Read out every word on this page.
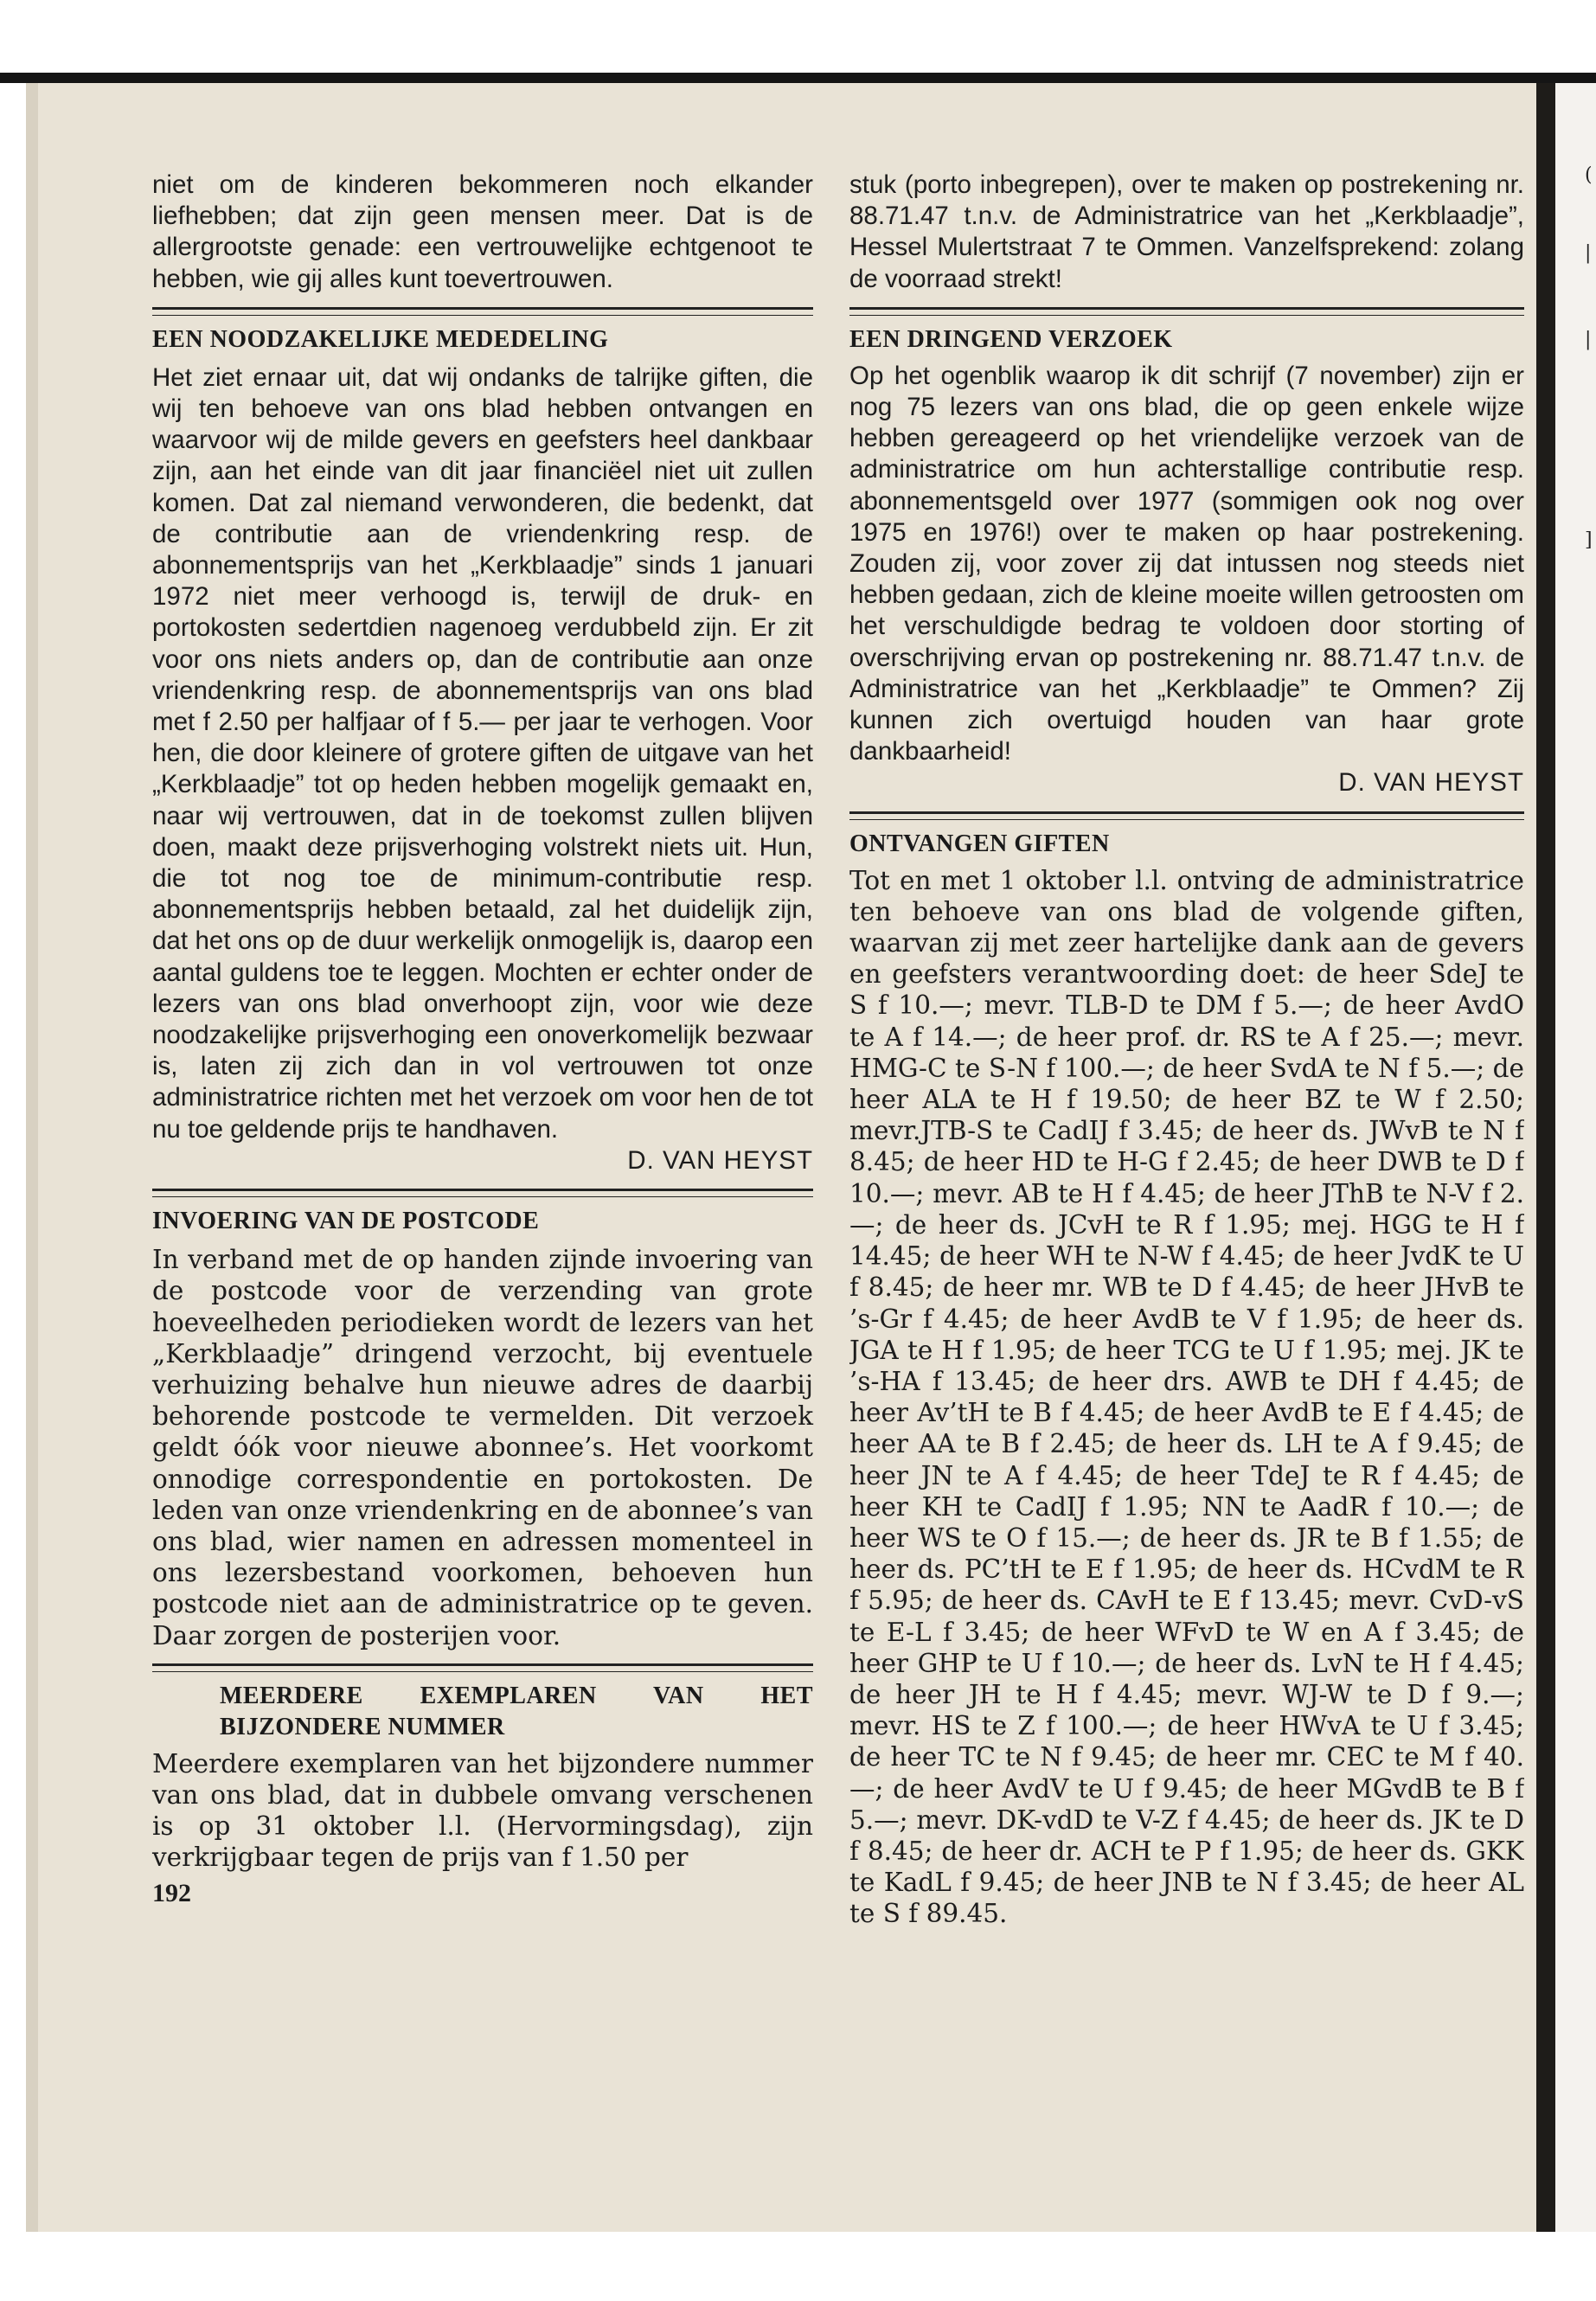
(
|
|
]

niet om de kinderen bekommeren noch elkander liefhebben; dat zijn geen mensen meer. Dat is de allergrootste genade: een vertrouwelijke echtgenoot te hebben, wie gij alles kunt toevertrouwen.

EEN NOODZAKELIJKE MEDEDELING

Het ziet ernaar uit, dat wij ondanks de talrijke giften, die wij ten behoeve van ons blad hebben ontvangen en waarvoor wij de milde gevers en geefsters heel dankbaar zijn, aan het einde van dit jaar financiëel niet uit zullen komen. Dat zal niemand verwonderen, die bedenkt, dat de contributie aan de vriendenkring resp. de abonnementsprijs van het „Kerkblaadje” sinds 1 januari 1972 niet meer verhoogd is, terwijl de druk- en portokosten sedertdien nagenoeg verdubbeld zijn. Er zit voor ons niets anders op, dan de contributie aan onze vriendenkring resp. de abonnementsprijs van ons blad met f 2.50 per halfjaar of f 5.— per jaar te verhogen. Voor hen, die door kleinere of grotere giften de uitgave van het „Kerkblaadje” tot op heden hebben mogelijk gemaakt en, naar wij vertrouwen, dat in de toekomst zullen blijven doen, maakt deze prijsverhoging volstrekt niets uit. Hun, die tot nog toe de minimum-contributie resp. abonnementsprijs hebben betaald, zal het duidelijk zijn, dat het ons op de duur werkelijk onmogelijk is, daarop een aantal guldens toe te leggen. Mochten er echter onder de lezers van ons blad onverhoopt zijn, voor wie deze noodzakelijke prijsverhoging een onoverkomelijk bezwaar is, laten zij zich dan in vol vertrouwen tot onze administratrice richten met het verzoek om voor hen de tot nu toe geldende prijs te handhaven.

D. VAN HEYST

INVOERING VAN DE POSTCODE

In verband met de op handen zijnde invoering van de postcode voor de verzending van grote hoeveelheden periodieken wordt de lezers van het „Kerkblaadje” dringend verzocht, bij eventuele verhuizing behalve hun nieuwe adres de daarbij behorende postcode te vermelden. Dit verzoek geldt óók voor nieuwe abonnee’s. Het voorkomt onnodige correspondentie en portokosten. De leden van onze vriendenkring en de abonnee’s van ons blad, wier namen en adressen momenteel in ons lezersbestand voorkomen, behoeven hun postcode niet aan de administratrice op te geven. Daar zorgen de posterijen voor.

MEERDERE EXEMPLAREN VAN HET BIJZONDERE NUMMER

Meerdere exemplaren van het bijzondere nummer van ons blad, dat in dubbele omvang verschenen is op 31 oktober l.l. (Hervormingsdag), zijn verkrijgbaar tegen de prijs van f 1.50 per

192

stuk (porto inbegrepen), over te maken op postrekening nr. 88.71.47 t.n.v. de Administratrice van het „Kerkblaadje”, Hessel Mulertstraat 7 te Ommen. Vanzelfsprekend: zolang de voorraad strekt!

EEN DRINGEND VERZOEK

Op het ogenblik waarop ik dit schrijf (7 november) zijn er nog 75 lezers van ons blad, die op geen enkele wijze hebben gereageerd op het vriendelijke verzoek van de administratrice om hun achterstallige contributie resp. abonnementsgeld over 1977 (sommigen ook nog over 1975 en 1976!) over te maken op haar postrekening. Zouden zij, voor zover zij dat intussen nog steeds niet hebben gedaan, zich de kleine moeite willen getroosten om het verschuldigde bedrag te voldoen door storting of overschrijving ervan op postrekening nr. 88.71.47 t.n.v. de Administratrice van het „Kerkblaadje” te Ommen? Zij kunnen zich overtuigd houden van haar grote dankbaarheid!

D. VAN HEYST

ONTVANGEN GIFTEN

Tot en met 1 oktober l.l. ontving de administratrice ten behoeve van ons blad de volgende giften, waarvan zij met zeer hartelijke dank aan de gevers en geefsters verantwoording doet: de heer SdeJ te S f 10.—; mevr. TLB-D te DM f 5.—; de heer AvdO te A f 14.—; de heer prof. dr. RS te A f 25.—; mevr. HMG-C te S-N f 100.—; de heer SvdA te N f 5.—; de heer ALA te H f 19.50; de heer BZ te W f 2.50; mevr.JTB-S te CadIJ f 3.45; de heer ds. JWvB te N f 8.45; de heer HD te H-G f 2.45; de heer DWB te D f 10.—; mevr. AB te H f 4.45; de heer JThB te N-V f 2.—; de heer ds. JCvH te R f 1.95; mej. HGG te H f 14.45; de heer WH te N-W f 4.45; de heer JvdK te U f 8.45; de heer mr. WB te D f 4.45; de heer JHvB te ’s-Gr f 4.45; de heer AvdB te V f 1.95; de heer ds. JGA te H f 1.95; de heer TCG te U f 1.95; mej. JK te ’s-HA f 13.45; de heer drs. AWB te DH f 4.45; de heer Av’tH te B f 4.45; de heer AvdB te E f 4.45; de heer AA te B f 2.45; de heer ds. LH te A f 9.45; de heer JN te A f 4.45; de heer TdeJ te R f 4.45; de heer KH te CadIJ f 1.95; NN te AadR f 10.—; de heer WS te O f 15.—; de heer ds. JR te B f 1.55; de heer ds. PC’tH te E f 1.95; de heer ds. HCvdM te R f 5.95; de heer ds. CAvH te E f 13.45; mevr. CvD-vS te E-L f 3.45; de heer WFvD te W en A f 3.45; de heer GHP te U f 10.—; de heer ds. LvN te H f 4.45; de heer JH te H f 4.45; mevr. WJ-W te D f 9.—; mevr. HS te Z f 100.—; de heer HWvA te U f 3.45; de heer TC te N f 9.45; de heer mr. CEC te M f 40.—; de heer AvdV te U f 9.45; de heer MGvdB te B f 5.—; mevr. DK-vdD te V-Z f 4.45; de heer ds. JK te D f 8.45; de heer dr. ACH te P f 1.95; de heer ds. GKK te KadL f 9.45; de heer JNB te N f 3.45; de heer AL te S f 89.45.
